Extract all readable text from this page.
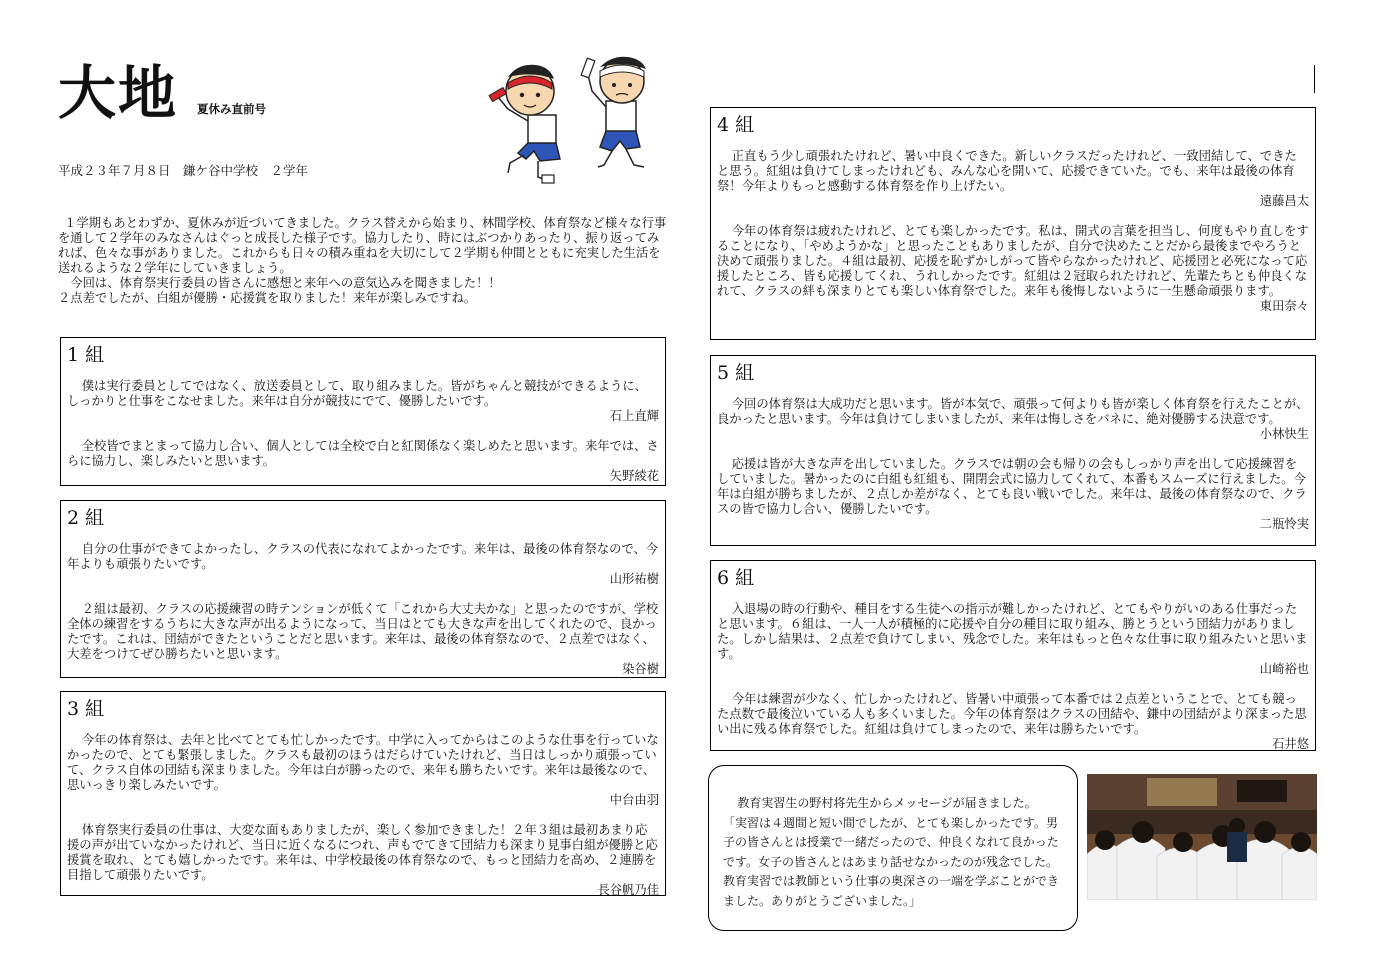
大地 夏休み直前号
平成２３年７月８日　鎌ケ谷中学校　２学年

１学期もあとわずか、夏休みが近づいてきました。クラス替えから始まり、林間学校、体育祭など様々な行事を通して２学年のみなさんはぐっと成長した様子です。協力したり、時にはぶつかりあったり、振り返ってみれば、色々な事がありました。これからも日々の積み重ねを大切にして２学期も仲間とともに充実した生活を送れるような２学年にしていきましょう。

今回は、体育祭実行委員の皆さんに感想と来年への意気込みを聞きました！！

２点差でしたが、白組が優勝・応援賞を取りました！来年が楽しみですね。

1 組

僕は実行委員としてではなく、放送委員として、取り組みました。皆がちゃんと競技ができるように、しっかりと仕事をこなせました。来年は自分が競技にでて、優勝したいです。

石上直輝

全校皆でまとまって協力し合い、個人としては全校で白と紅関係なく楽しめたと思います。来年では、さらに協力し、楽しみたいと思います。

矢野綾花

2 組

自分の仕事ができてよかったし、クラスの代表になれてよかったです。来年は、最後の体育祭なので、今年よりも頑張りたいです。

山形祐樹

２組は最初、クラスの応援練習の時テンションが低くて「これから大丈夫かな」と思ったのですが、学校全体の練習をするうちに大きな声が出るようになって、当日はとても大きな声を出してくれたので、良かったです。これは、団結ができたということだと思います。来年は、最後の体育祭なので、２点差ではなく、大差をつけてぜひ勝ちたいと思います。

染谷樹

3 組

今年の体育祭は、去年と比べてとても忙しかったです。中学に入ってからはこのような仕事を行っていなかったので、とても緊張しました。クラスも最初のほうはだらけていたけれど、当日はしっかり頑張っていて、クラス自体の団結も深まりました。今年は白が勝ったので、来年も勝ちたいです。来年は最後なので、思いっきり楽しみたいです。

中台由羽

体育祭実行委員の仕事は、大変な面もありましたが、楽しく参加できました！２年３組は最初あまり応援の声が出ていなかったけれど、当日に近くなるにつれ、声もでてきて団結力も深まり見事白組が優勝と応援賞を取れ、とても嬉しかったです。来年は、中学校最後の体育祭なので、もっと団結力を高め、２連勝を目指して頑張りたいです。

長谷帆乃佳

4 組

正直もう少し頑張れたけれど、暑い中良くできた。新しいクラスだったけれど、一致団結して、できたと思う。紅組は負けてしまったけれども、みんな心を開いて、応援できていた。でも、来年は最後の体育祭！今年よりもっと感動する体育祭を作り上げたい。

遠藤昌太

今年の体育祭は疲れたけれど、とても楽しかったです。私は、開式の言葉を担当し、何度もやり直しをすることになり、「やめようかな」と思ったこともありましたが、自分で決めたことだから最後までやろうと決めて頑張りました。４組は最初、応援を恥ずかしがって皆やらなかったけれど、応援団と必死になって応援したところ、皆も応援してくれ、うれしかったです。紅組は２冠取られたけれど、先輩たちとも仲良くなれて、クラスの絆も深まりとても楽しい体育祭でした。来年も後悔しないように一生懸命頑張ります。

東田奈々

5 組

今回の体育祭は大成功だと思います。皆が本気で、頑張って何よりも皆が楽しく体育祭を行えたことが、良かったと思います。今年は負けてしまいましたが、来年は悔しさをバネに、絶対優勝する決意です。

小林快生

応援は皆が大きな声を出していました。クラスでは朝の会も帰りの会もしっかり声を出して応援練習をしていました。暑かったのに白組も紅組も、開閉会式に協力してくれて、本番もスムーズに行えました。今年は白組が勝ちましたが、２点しか差がなく、とても良い戦いでした。来年は、最後の体育祭なので、クラスの皆で協力し合い、優勝したいです。

二瓶怜実

6 組

入退場の時の行動や、種目をする生徒への指示が難しかったけれど、とてもやりがいのある仕事だったと思います。６組は、一人一人が積極的に応援や自分の種目に取り組み、勝とうという団結力がありました。しかし結果は、２点差で負けてしまい、残念でした。来年はもっと色々な仕事に取り組みたいと思います。

山崎裕也

今年は練習が少なく、忙しかったけれど、皆暑い中頑張って本番では２点差ということで、とても競った点数で最後泣いている人も多くいました。今年の体育祭はクラスの団結や、鎌中の団結がより深まった思い出に残る体育祭でした。紅組は負けてしまったので、来年は勝ちたいです。

石井悠

教育実習生の野村将先生からメッセージが届きました。

「実習は４週間と短い間でしたが、とても楽しかったです。男子の皆さんとは授業で一緒だったので、仲良くなれて良かったです。女子の皆さんとはあまり話せなかったのが残念でした。教育実習では教師という仕事の奥深さの一端を学ぶことができました。ありがとうございました。」
